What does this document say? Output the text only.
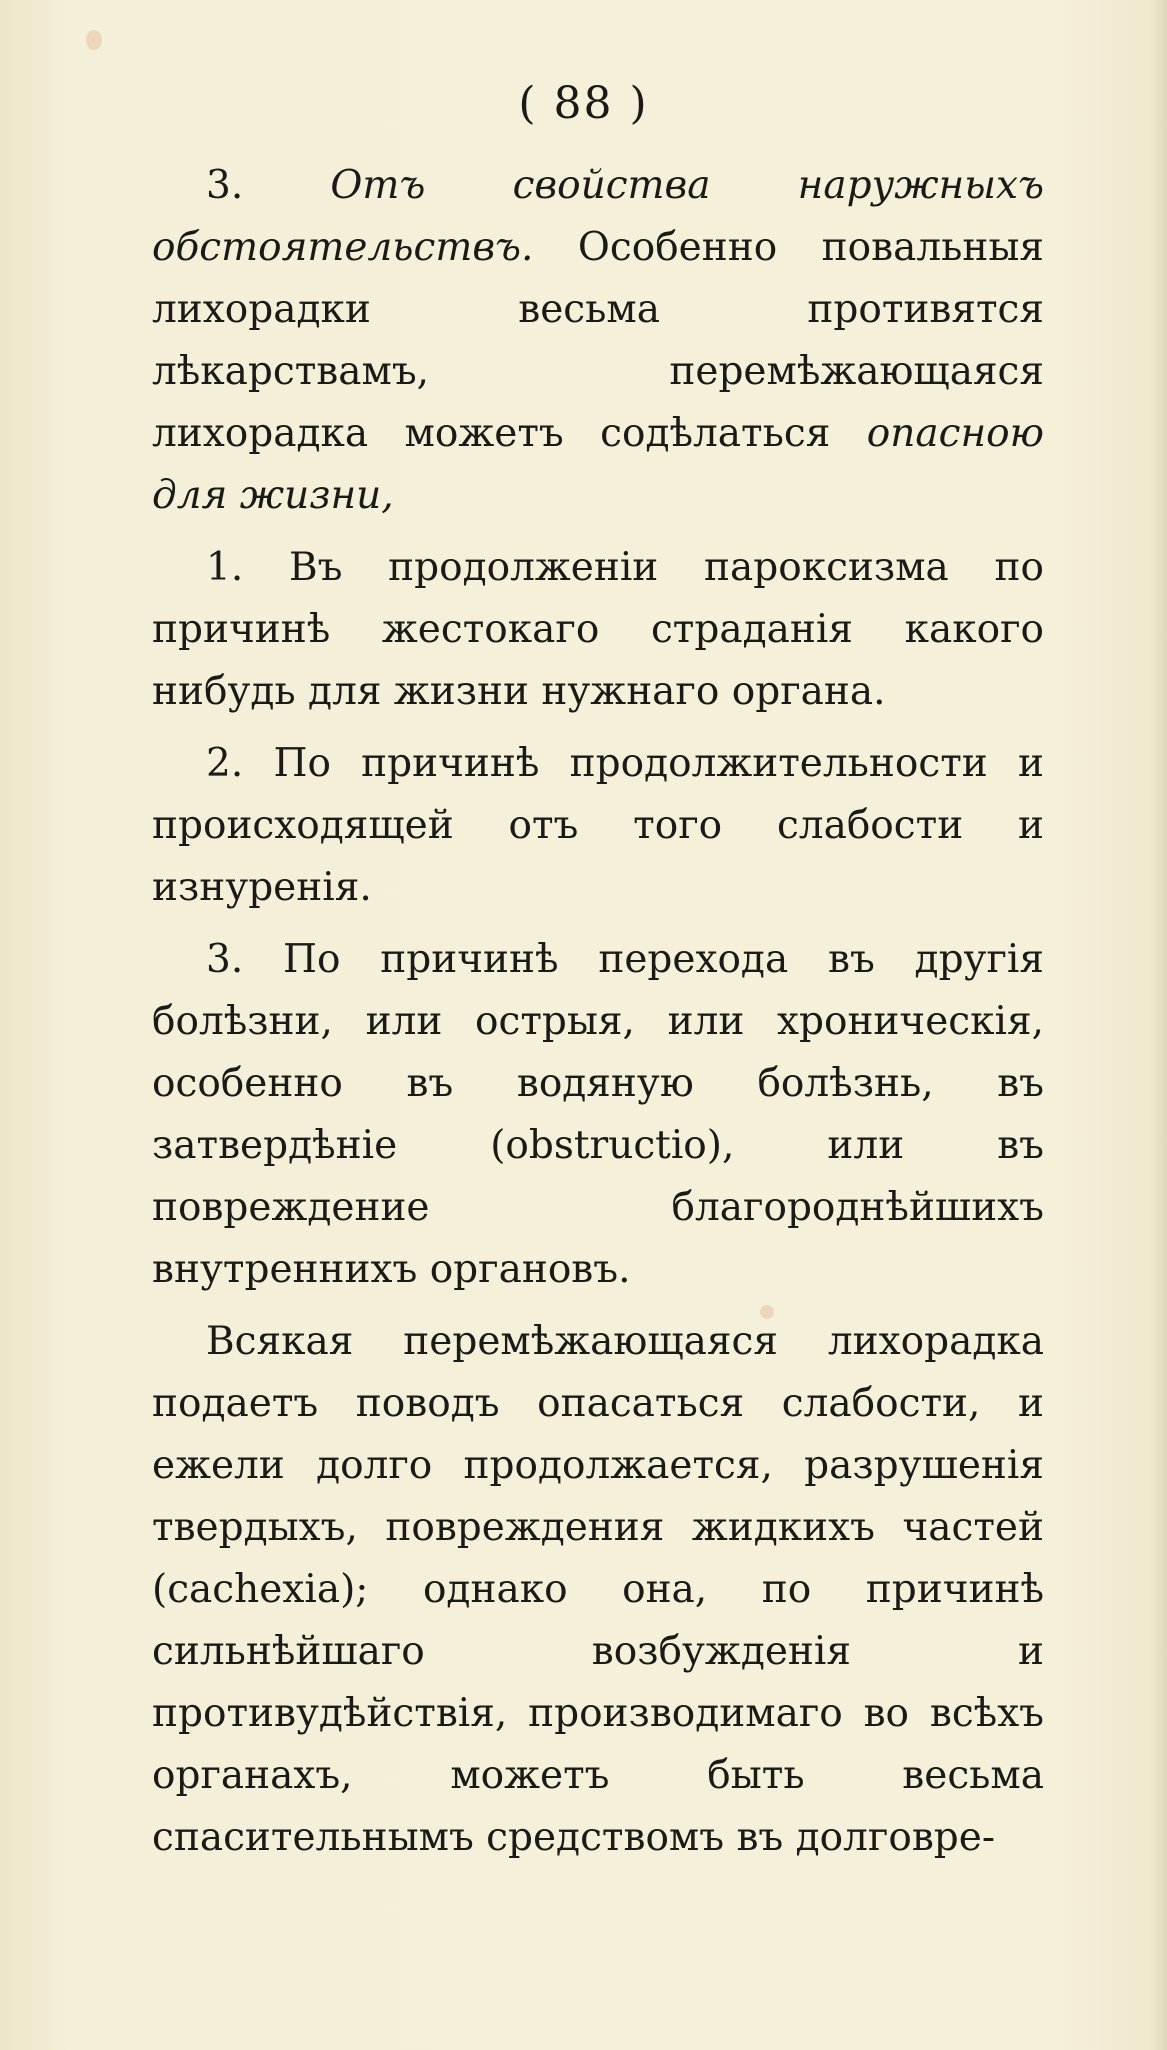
( 88 )

3. Отъ свойства наружныхъ обстоятельствъ. Особенно повальныя лихорадки весьма противятся лѣкарствамъ, перемѣжающаяся лихорадка можетъ содѣлаться опасною для жизни,

1. Въ продолженіи пароксизма по причинѣ жестокаго страданія какого нибудь для жизни нужнаго органа.

2. По причинѣ продолжительности и происходящей отъ того слабости и изнуренія.

3. По причинѣ перехода въ другія болѣзни, или острыя, или хроническія, особенно въ водяную болѣзнь, въ затвердѣніе (obstructio), или въ повреждение благороднѣйшихъ внутреннихъ органовъ.

Всякая перемѣжающаяся лихорадка подаетъ поводъ опасаться слабости, и ежели долго продолжается, разрушенія твердыхъ, повреждения жидкихъ частей (cachexia); однако она, по причинѣ сильнѣйшаго возбужденія и противудѣйствія, производимаго во всѣхъ органахъ, можетъ быть весьма спасительнымъ средствомъ въ долговре-
